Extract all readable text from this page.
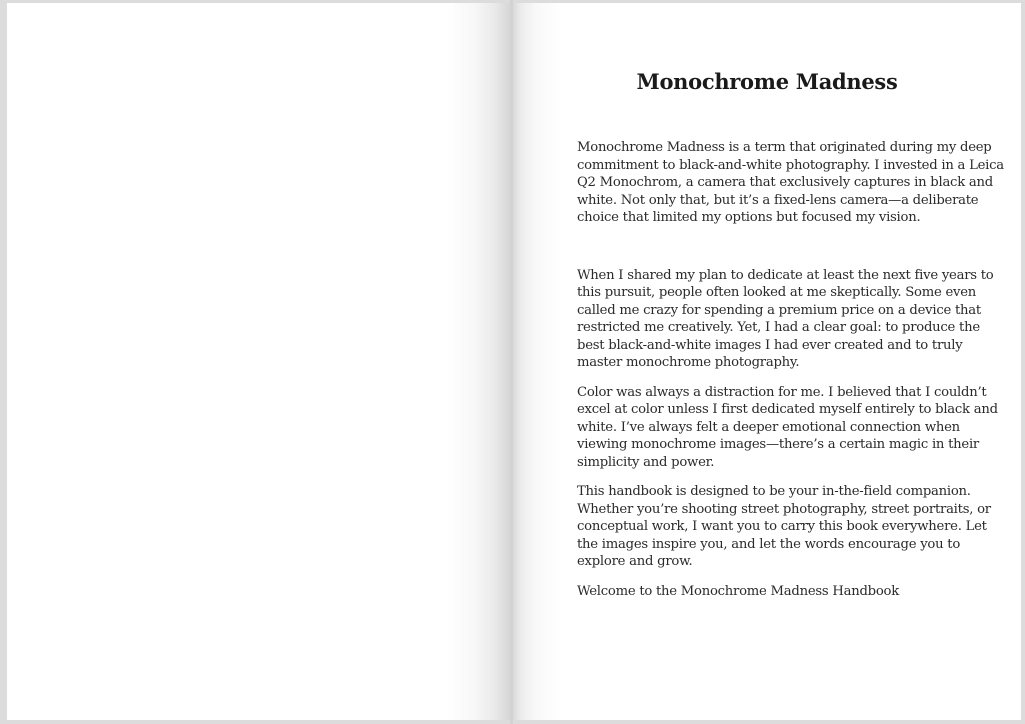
Monochrome Madness

Monochrome Madness is a term that originated during my deep commitment to black-and-white photography. I invested in a Leica Q2 Monochrom, a camera that exclusively captures in black and white. Not only that, but it’s a fixed-lens camera—a deliberate choice that limited my options but focused my vision.

When I shared my plan to dedicate at least the next five years to this pursuit, people often looked at me skeptically. Some even called me crazy for spending a premium price on a device that restricted me creatively. Yet, I had a clear goal: to produce the best black-and-white images I had ever created and to truly master monochrome photography.

Color was always a distraction for me. I believed that I couldn’t excel at color unless I first dedicated myself entirely to black and white. I’ve always felt a deeper emotional connection when viewing monochrome images—there’s a certain magic in their simplicity and power.

This handbook is designed to be your in-the-field companion. Whether you’re shooting street photography, street portraits, or conceptual work, I want you to carry this book everywhere. Let the images inspire you, and let the words encourage you to explore and grow.

Welcome to the Monochrome Madness Handbook
